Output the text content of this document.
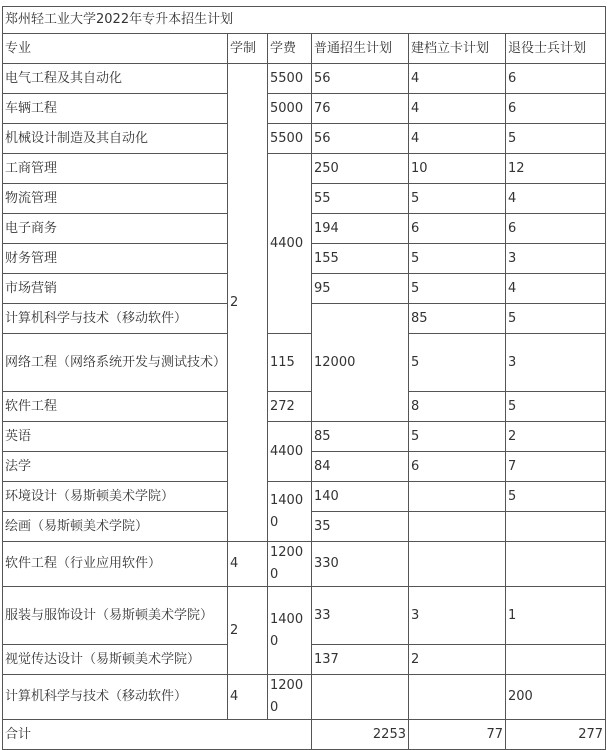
郑州轻工业大学2022年专升本招生计划						
专业	学制	学费	普通招生计划	建档立卡计划	退役士兵计划	
电气工程及其自动化	2	5500	56	4	6	
车辆工程		5000	76	4	6	
机械设计制造及其自动化		5500	56	4	5	
工商管理		4400	250	10	12	
物流管理			55	5	4	
电子商务			194	6	6	
财务管理			155	5	3	
市场营销			95	5	4	
计算机科学与技术（移动软件）			12000	85	5	
网络工程（网络系统开发与测试技术）		115		5	3	
软件工程		272		8	5	
英语		4400	85	5	2	
法学			84	6	7	
环境设计（易斯顿美术学院）		14000	140		5	
绘画（易斯顿美术学院）			35			
软件工程（行业应用软件）	4	12000	330			
服装与服饰设计（易斯顿美术学院）	2	14000	33	3	1	
视觉传达设计（易斯顿美术学院）			137	2		
计算机科学与技术（移动软件）	4	12000			200	
合计			2253	77	277	
